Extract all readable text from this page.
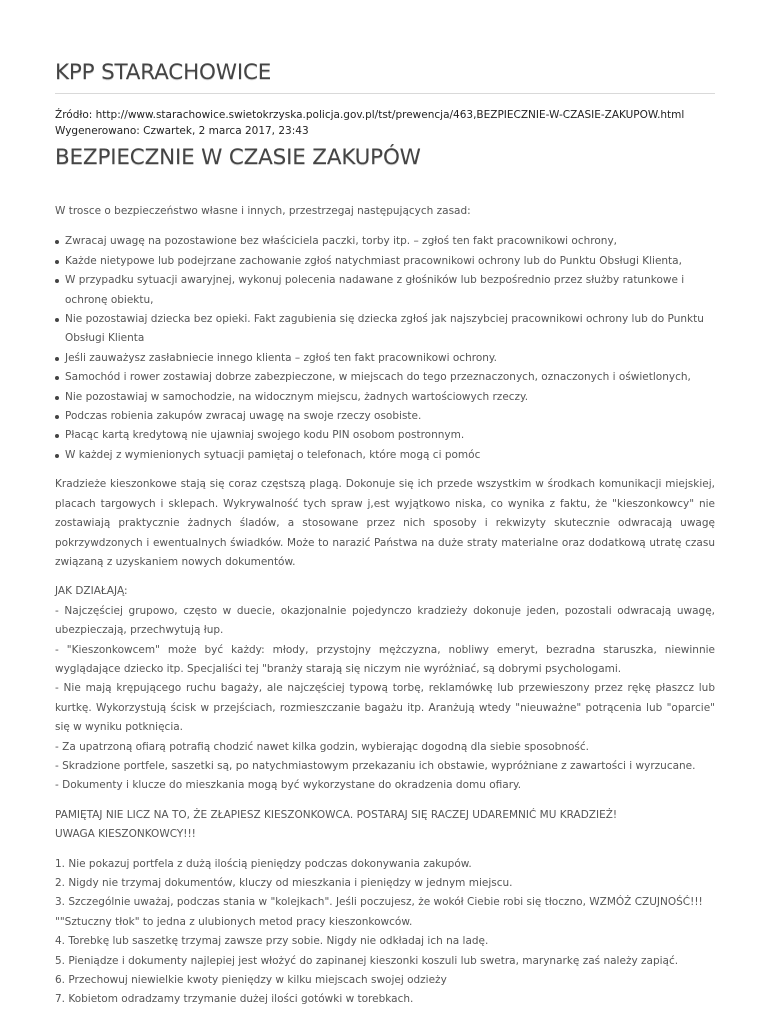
KPP STARACHOWICE
Źródło: http://www.starachowice.swietokrzyska.policja.gov.pl/tst/prewencja/463,BEZPIECZNIE-W-CZASIE-ZAKUPOW.html
Wygenerowano: Czwartek, 2 marca 2017, 23:43
BEZPIECZNIE W CZASIE ZAKUPÓW

W trosce o bezpieczeństwo własne i innych, przestrzegaj następujących zasad:

Zwracaj uwagę na pozostawione bez właściciela paczki, torby itp. – zgłoś ten fakt pracownikowi ochrony,
Każde nietypowe lub podejrzane zachowanie zgłoś natychmiast pracownikowi ochrony lub do Punktu Obsługi Klienta,
W przypadku sytuacji awaryjnej, wykonuj polecenia nadawane z głośników lub bezpośrednio przez służby ratunkowe i ochronę obiektu,
Nie pozostawiaj dziecka bez opieki. Fakt zagubienia się dziecka zgłoś jak najszybciej pracownikowi ochrony lub do Punktu Obsługi Klienta
Jeśli zauważysz zasłabniecie innego klienta – zgłoś ten fakt pracownikowi ochrony.
Samochód i rower zostawiaj dobrze zabezpieczone, w miejscach do tego przeznaczonych, oznaczonych i oświetlonych,
Nie pozostawiaj w samochodzie, na widocznym miejscu, żadnych wartościowych rzeczy.
Podczas robienia zakupów zwracaj uwagę na swoje rzeczy osobiste.
Płacąc kartą kredytową nie ujawniaj swojego kodu PIN osobom postronnym.
W każdej z wymienionych sytuacji pamiętaj o telefonach, które mogą ci pomóc

Kradzieże kieszonkowe stają się coraz częstszą plagą. Dokonuje się ich przede wszystkim w środkach komunikacji miejskiej, placach targowych i sklepach. Wykrywalność tych spraw j,est wyjątkowo niska, co wynika z faktu, że "kieszonkowcy" nie zostawiają praktycznie żadnych śladów, a stosowane przez nich sposoby i rekwizyty skutecznie odwracają uwagę pokrzywdzonych i ewentualnych świadków. Może to narazić Państwa na duże straty materialne oraz dodatkową utratę czasu związaną z uzyskaniem nowych dokumentów.

JAK DZIAŁAJĄ:
- Najczęściej grupowo, często w duecie, okazjonalnie pojedynczo kradzieży dokonuje jeden, pozostali odwracają uwagę, ubezpieczają, przechwytują łup.
- "Kieszonkowcem" może być każdy: młody, przystojny mężczyzna, nobliwy emeryt, bezradna staruszka, niewinnie wyglądające dziecko itp. Specjaliści tej "branży starają się niczym nie wyróżniać, są dobrymi psychologami.
- Nie mają krępującego ruchu bagaży, ale najczęściej typową torbę, reklamówkę lub przewieszony przez rękę płaszcz lub kurtkę. Wykorzystują ścisk w przejściach, rozmieszczanie bagażu itp. Aranżują wtedy "nieuważne" potrącenia lub "oparcie" się w wyniku potknięcia.
- Za upatrzoną ofiarą potrafią chodzić nawet kilka godzin, wybierając dogodną dla siebie sposobność.
- Skradzione portfele, saszetki są, po natychmiastowym przekazaniu ich obstawie, wypróżniane z zawartości i wyrzucane.
- Dokumenty i klucze do mieszkania mogą być wykorzystane do okradzenia domu ofiary.
PAMIĘTAJ NIE LICZ NA TO, ŻE ZŁAPIESZ KIESZONKOWCA. POSTARAJ SIĘ RACZEJ UDAREMNIĆ MU KRADZIEŻ!
UWAGA KIESZONKOWCY!!!
1. Nie pokazuj portfela z dużą ilością pieniędzy podczas dokonywania zakupów.
2. Nigdy nie trzymaj dokumentów, kluczy od mieszkania i pieniędzy w jednym miejscu.
3. Szczególnie uważaj, podczas stania w "kolejkach". Jeśli poczujesz, że wokół Ciebie robi się tłoczno, WZMÓŻ CZUJNOŚĆ!!!
""Sztuczny tłok" to jedna z ulubionych metod pracy kieszonkowców.
4. Torebkę lub saszetkę trzymaj zawsze przy sobie. Nigdy nie odkładaj ich na ladę.
5. Pieniądze i dokumenty najlepiej jest włożyć do zapinanej kieszonki koszuli lub swetra, marynarkę zaś należy zapiąć.
6. Przechowuj niewielkie kwoty pieniędzy w kilku miejscach swojej odzieży
7. Kobietom odradzamy trzymanie dużej ilości gotówki w torebkach.
